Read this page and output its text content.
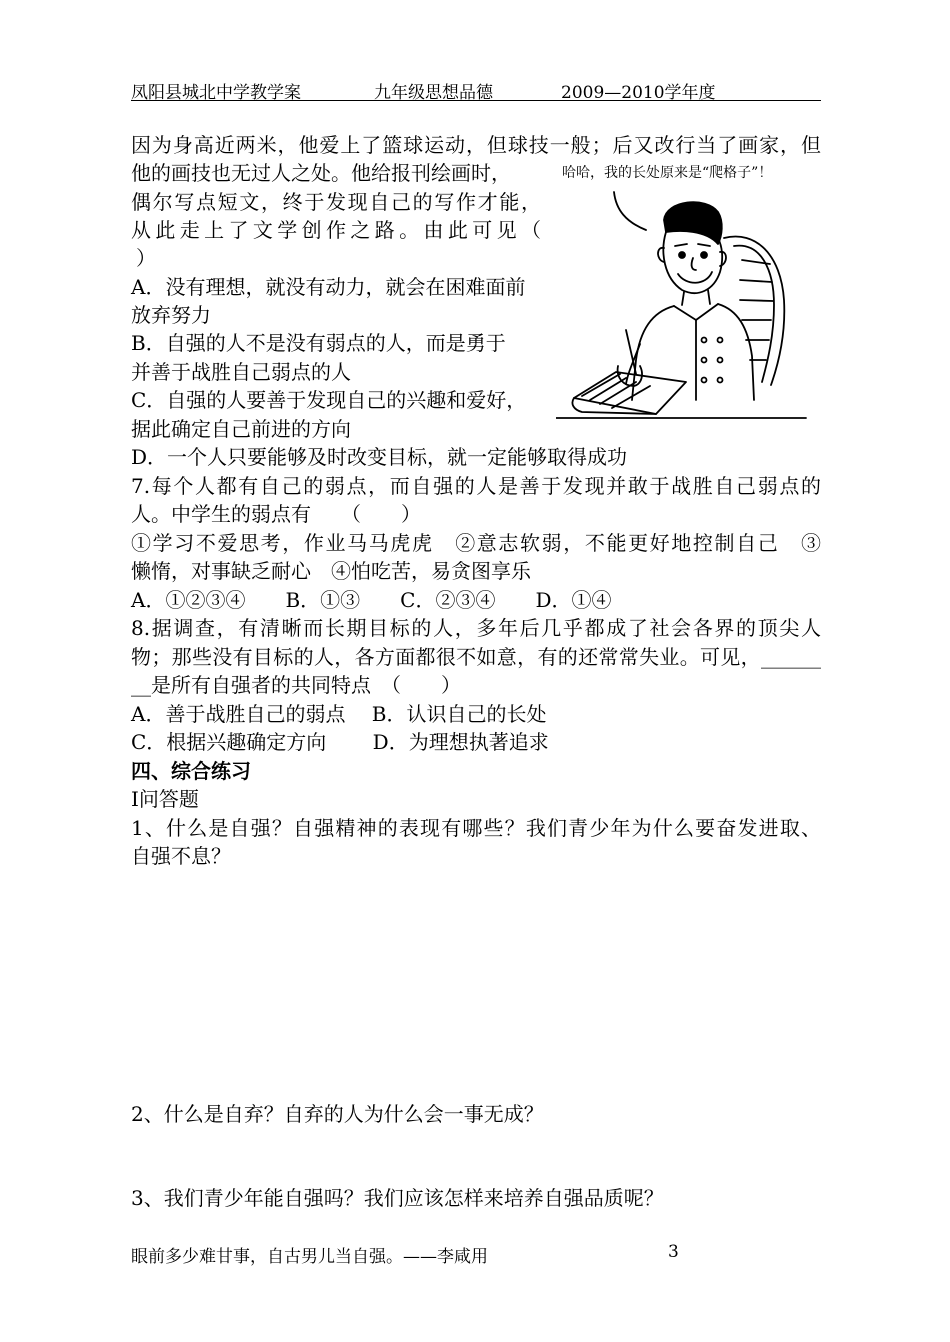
凤阳县城北中学教学案	九年级思想品德	2009—2010学年度
因为身高近两米，他爱上了篮球运动，但球技一般；后又改行当了画家，但
他的画技也无过人之处。他给报刊绘画时，
偶尔写点短文，终于发现自己的写作才能，
从此走上了文学创作之路。由此可见（
）
A．没有理想，就没有动力，就会在困难面前
放弃努力
B．自强的人不是没有弱点的人，而是勇于
并善于战胜自己弱点的人
C．自强的人要善于发现自己的兴趣和爱好，
据此确定自己前进的方向
D．一个人只要能够及时改变目标，就一定能够取得成功
哈哈，我的长处原来是“爬格子”！
7.每个人都有自己的弱点，而自强的人是善于发现并敢于战胜自己弱点的
人。中学生的弱点有　　（　　）
①学习不爱思考，作业马马虎虎　②意志软弱，不能更好地控制自己　③
懒惰，对事缺乏耐心　④怕吃苦，易贪图享乐
A．①②③④　　B．①③　　C．②③④　　D．①④
8.据调查，有清晰而长期目标的人，多年后几乎都成了社会各界的顶尖人
物；那些没有目标的人，各方面都很不如意，有的还常常失业。可见，______
__是所有自强者的共同特点　（　　）
A．善于战胜自己的弱点　 B．认识自己的长处
C．根据兴趣确定方向　　 D．为理想执著追求
四、综合练习
Ⅰ问答题
1、什么是自强？自强精神的表现有哪些？我们青少年为什么要奋发进取、
自强不息？
2、什么是自弃？自弃的人为什么会一事无成？
3、我们青少年能自强吗？我们应该怎样来培养自强品质呢？
眼前多少难甘事，自古男儿当自强。——李咸用	3
